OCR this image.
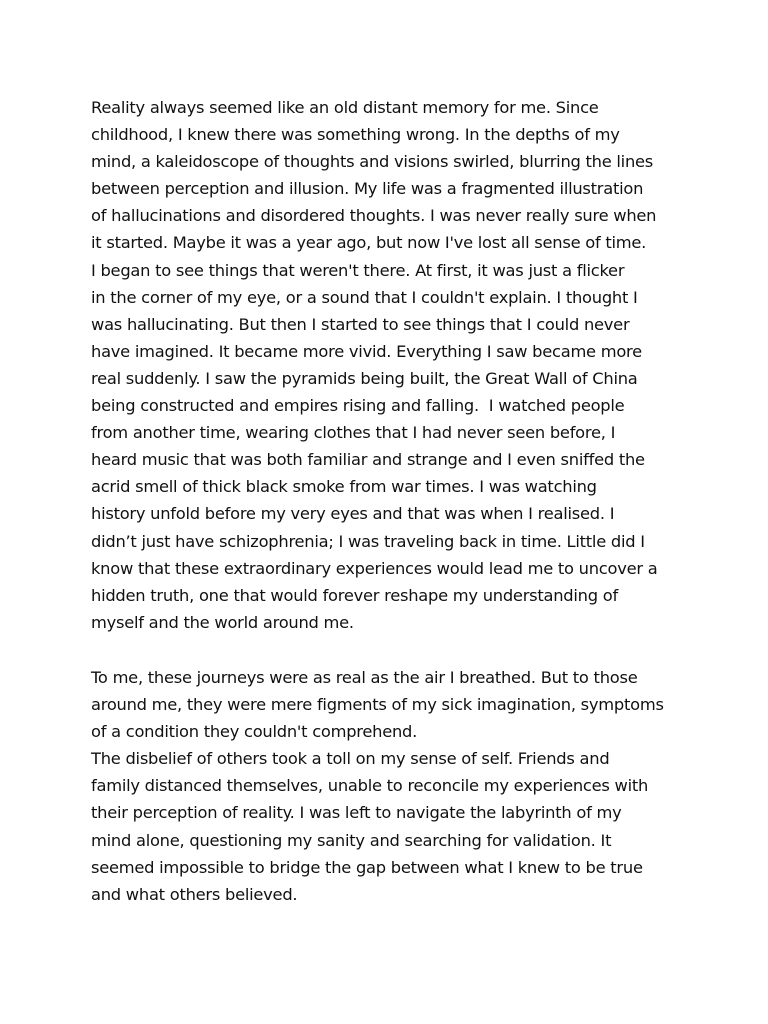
Reality always seemed like an old distant memory for me. Since
childhood, I knew there was something wrong. In the depths of my
mind, a kaleidoscope of thoughts and visions swirled, blurring the lines
between perception and illusion. My life was a fragmented illustration
of hallucinations and disordered thoughts. I was never really sure when
it started. Maybe it was a year ago, but now I've lost all sense of time.
I began to see things that weren't there. At first, it was just a flicker
in the corner of my eye, or a sound that I couldn't explain. I thought I
was hallucinating. But then I started to see things that I could never
have imagined. It became more vivid. Everything I saw became more
real suddenly. I saw the pyramids being built, the Great Wall of China
being constructed and empires rising and falling.  I watched people
from another time, wearing clothes that I had never seen before, I
heard music that was both familiar and strange and I even sniffed the
acrid smell of thick black smoke from war times. I was watching
history unfold before my very eyes and that was when I realised. I
didn’t just have schizophrenia; I was traveling back in time. Little did I
know that these extraordinary experiences would lead me to uncover a
hidden truth, one that would forever reshape my understanding of
myself and the world around me.
To me, these journeys were as real as the air I breathed. But to those
around me, they were mere figments of my sick imagination, symptoms
of a condition they couldn't comprehend.
The disbelief of others took a toll on my sense of self. Friends and
family distanced themselves, unable to reconcile my experiences with
their perception of reality. I was left to navigate the labyrinth of my
mind alone, questioning my sanity and searching for validation. It
seemed impossible to bridge the gap between what I knew to be true
and what others believed.
